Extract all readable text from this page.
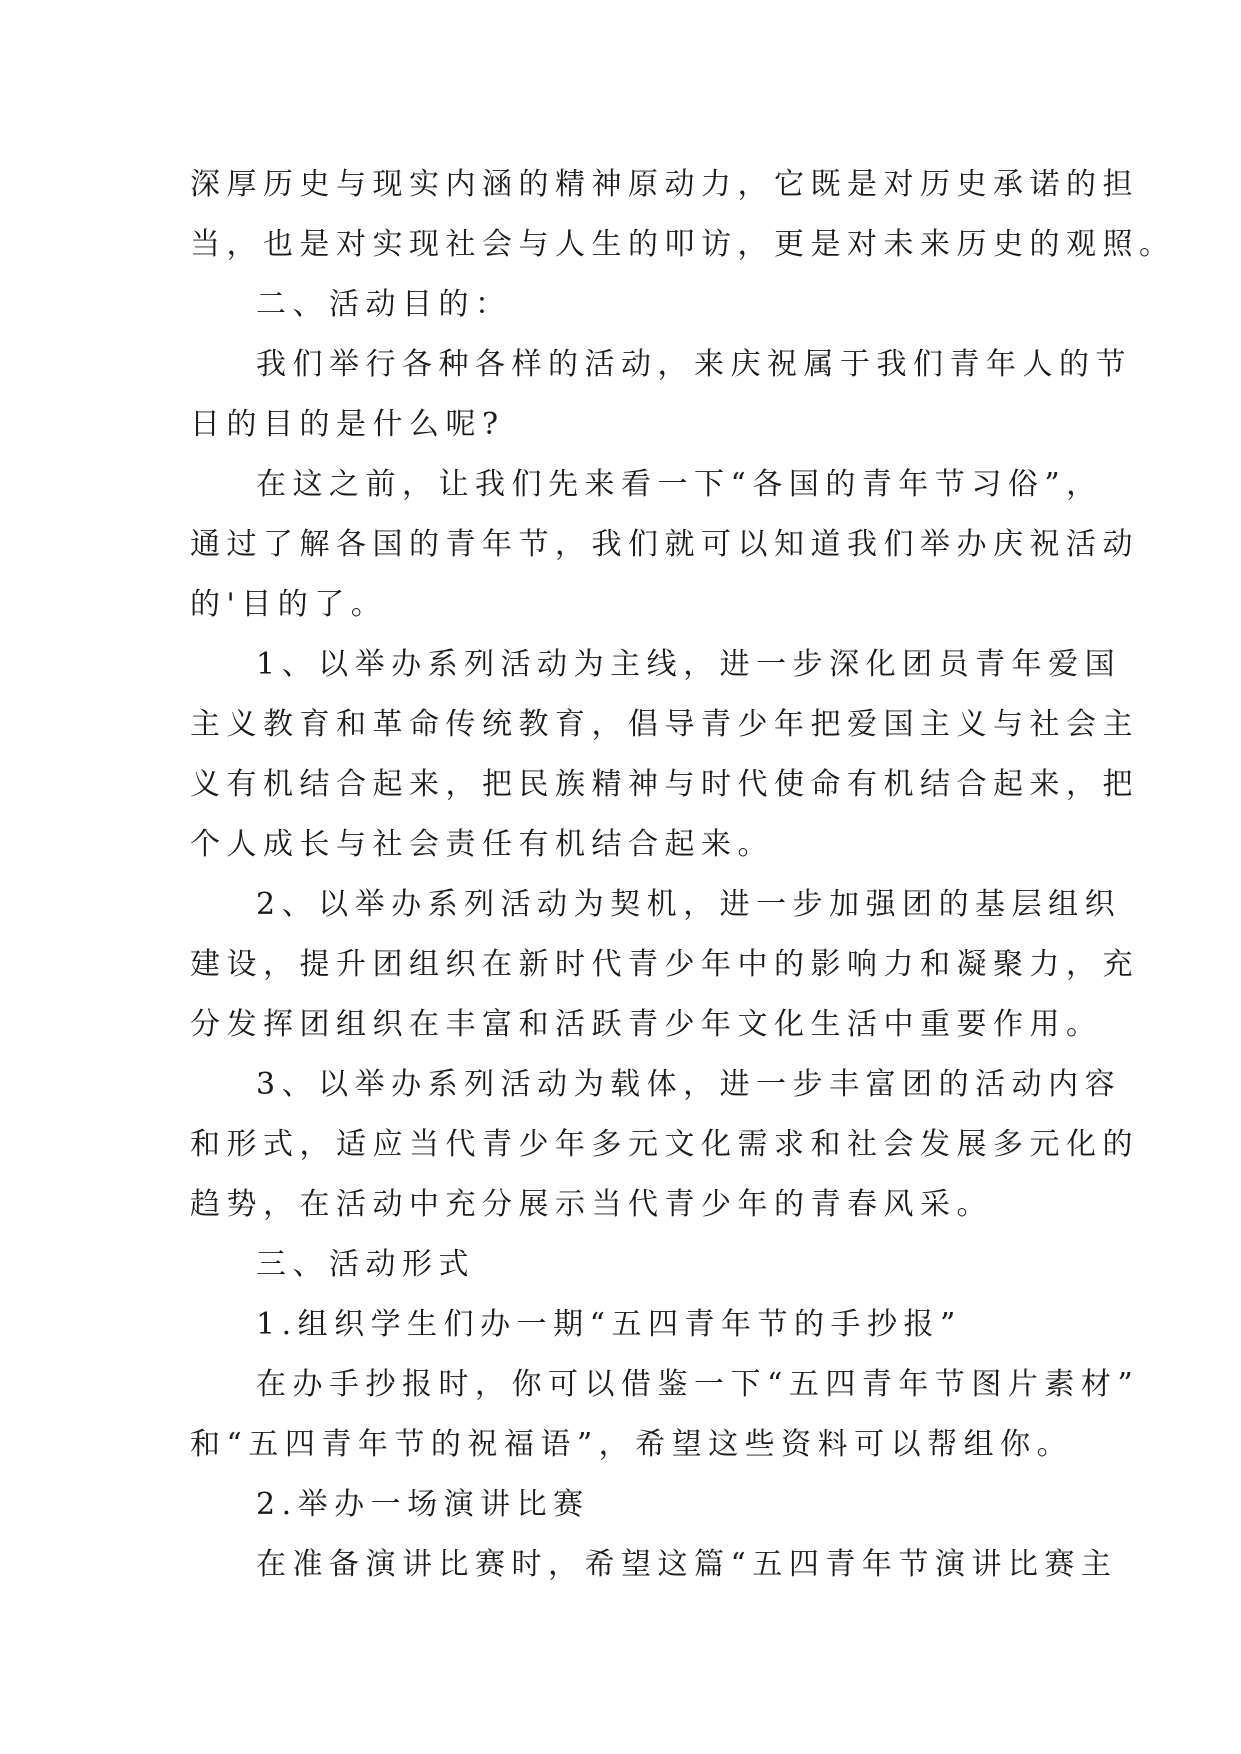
深厚历史与现实内涵的精神原动力，它既是对历史承诺的担
当，也是对实现社会与人生的叩访，更是对未来历史的观照。
二、活动目的：
我们举行各种各样的活动，来庆祝属于我们青年人的节
日的目的是什么呢?
在这之前，让我们先来看一下“各国的青年节习俗”，
通过了解各国的青年节，我们就可以知道我们举办庆祝活动
的'目的了。
1、以举办系列活动为主线，进一步深化团员青年爱国
主义教育和革命传统教育，倡导青少年把爱国主义与社会主
义有机结合起来，把民族精神与时代使命有机结合起来，把
个人成长与社会责任有机结合起来。
2、以举办系列活动为契机，进一步加强团的基层组织
建设，提升团组织在新时代青少年中的影响力和凝聚力，充
分发挥团组织在丰富和活跃青少年文化生活中重要作用。
3、以举办系列活动为载体，进一步丰富团的活动内容
和形式，适应当代青少年多元文化需求和社会发展多元化的
趋势，在活动中充分展示当代青少年的青春风采。
三、活动形式
1.组织学生们办一期“五四青年节的手抄报”
在办手抄报时，你可以借鉴一下“五四青年节图片素材”
和“五四青年节的祝福语”，希望这些资料可以帮组你。
2.举办一场演讲比赛
在准备演讲比赛时，希望这篇“五四青年节演讲比赛主
